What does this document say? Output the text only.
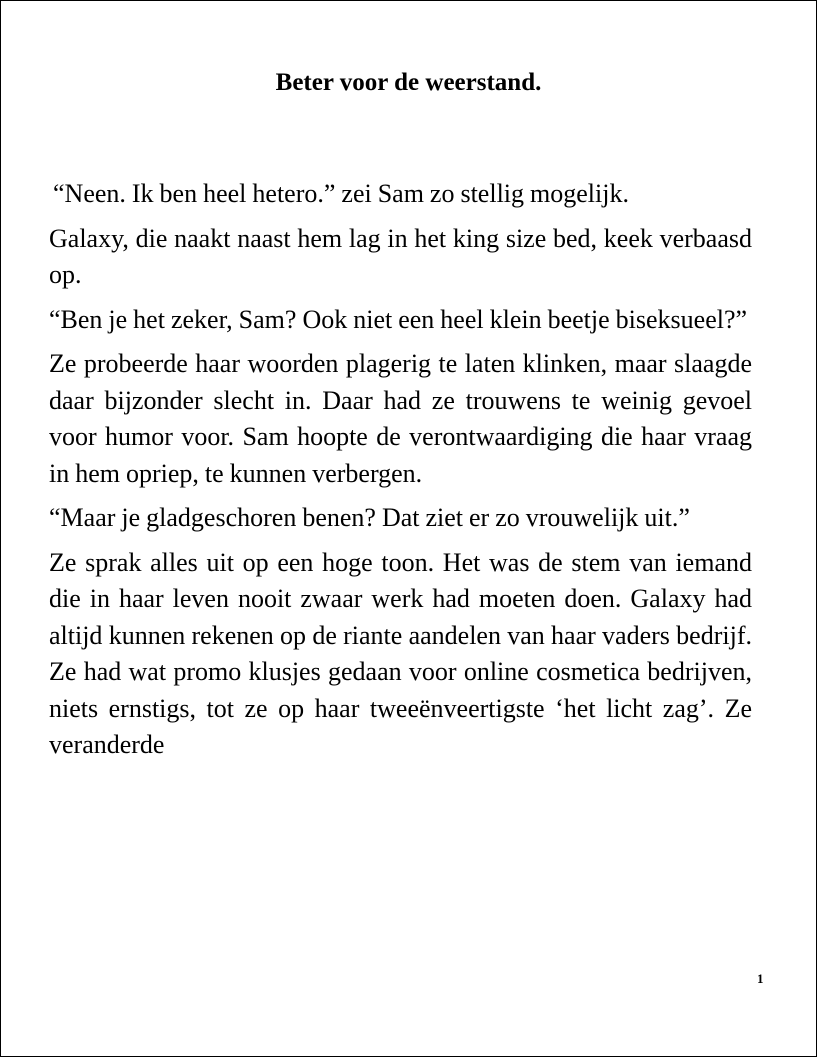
Beter voor de weerstand.

“Neen. Ik ben heel hetero.” zei Sam zo stellig mogelijk.

Galaxy, die naakt naast hem lag in het king size bed, keek verbaasd op.

“Ben je het zeker, Sam? Ook niet een heel klein beetje biseksueel?”

Ze probeerde haar woorden plagerig te laten klinken, maar slaagde daar bijzonder slecht in. Daar had ze trouwens te weinig gevoel voor humor voor. Sam hoopte de verontwaardiging die haar vraag in hem opriep, te kunnen verbergen.

“Maar je gladgeschoren benen? Dat ziet er zo vrouwelijk uit.”

Ze sprak alles uit op een hoge toon. Het was de stem van iemand die in haar leven nooit zwaar werk had moeten doen. Galaxy had altijd kunnen rekenen op de riante aandelen van haar vaders bedrijf. Ze had wat promo klusjes gedaan voor online cosmetica bedrijven, niets ernstigs, tot ze op haar tweeënveertigste ‘het licht zag’. Ze veranderde

1
